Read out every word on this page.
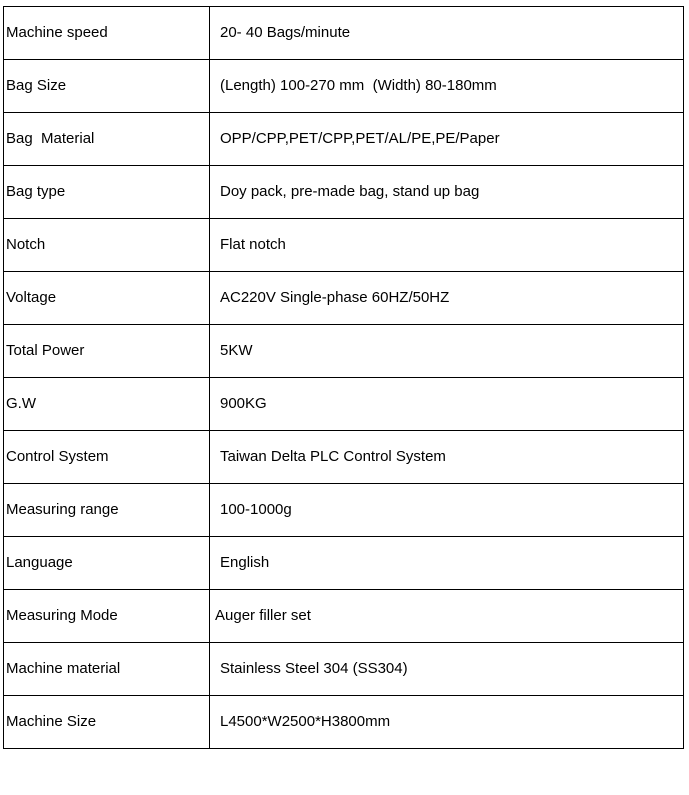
Machine speed	20- 40 Bags/minute
Bag Size	(Length) 100-270 mm  (Width) 80-180mm
Bag  Material	OPP/CPP,PET/CPP,PET/AL/PE,PE/Paper
Bag type	Doy pack, pre-made bag, stand up bag
Notch	Flat notch
Voltage	AC220V Single-phase 60HZ/50HZ
Total Power	5KW
G.W	900KG
Control System	Taiwan Delta PLC Control System
Measuring range	100-1000g
Language	English
Measuring Mode	Auger filler set
Machine material	Stainless Steel 304 (SS304)
Machine Size	L4500*W2500*H3800mm
